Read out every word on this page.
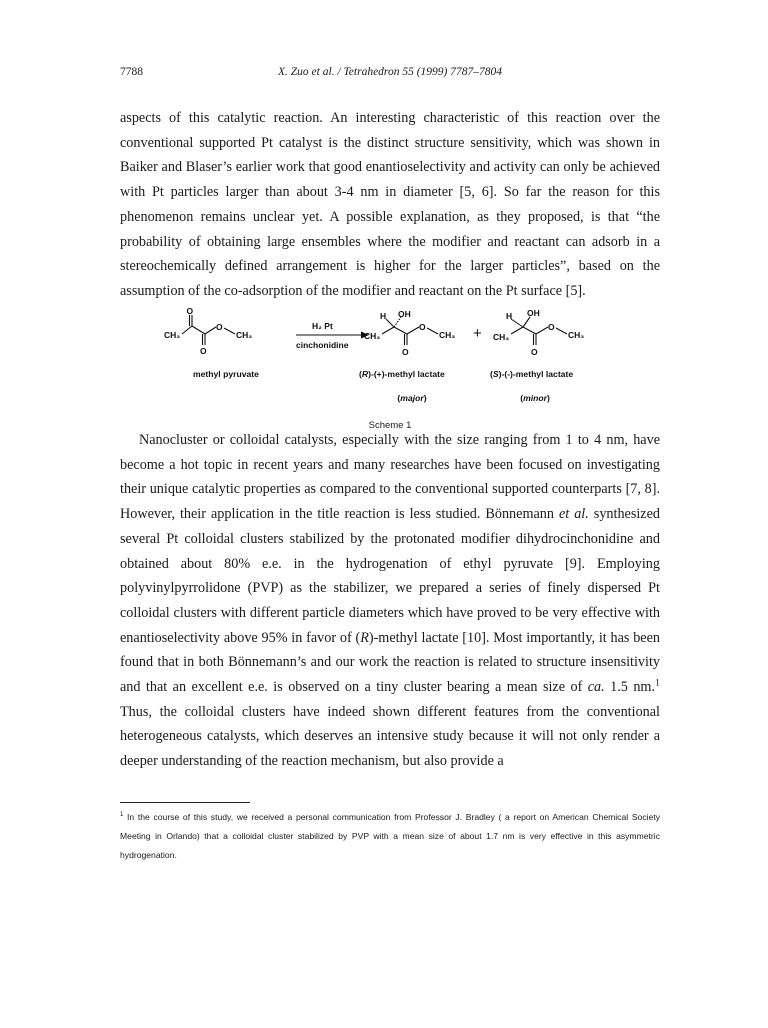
7788	X. Zuo et al. / Tetrahedron 55 (1999) 7787–7804

aspects of this catalytic reaction. An interesting characteristic of this reaction over the conventional supported Pt catalyst is the distinct structure sensitivity, which was shown in Baiker and Blaser’s earlier work that good enantioselectivity and activity can only be achieved with Pt particles larger than about 3-4 nm in diameter [5, 6]. So far the reason for this phenomenon remains unclear yet. A possible explanation, as they proposed, is that “the probability of obtaining large ensembles where the modifier and reactant can adsorb in a stereochemically defined arrangement is higher for the larger particles”, based on the assumption of the co-adsorption of the modifier and reactant on the Pt surface [5].

O
CH₃
O
CH₃
O
H₂ Pt
cinchonidine
H OH
CH₃
O
CH₃
O
H OH
CH₃
O
CH₃
O
+
methyl pyruvate	(R)-(+)-methyl lactate	(S)-(-)-methyl lactate
(major)	(minor)
Scheme 1

Nanocluster or colloidal catalysts, especially with the size ranging from 1 to 4 nm, have become a hot topic in recent years and many researches have been focused on investigating their unique catalytic properties as compared to the conventional supported counterparts [7, 8]. However, their application in the title reaction is less studied. Bönnemann et al. synthesized several Pt colloidal clusters stabilized by the protonated modifier dihydrocinchonidine and obtained about 80% e.e. in the hydrogenation of ethyl pyruvate [9]. Employing polyvinylpyrrolidone (PVP) as the stabilizer, we prepared a series of finely dispersed Pt colloidal clusters with different particle diameters which have proved to be very effective with enantioselectivity above 95% in favor of (R)-methyl lactate [10]. Most importantly, it has been found that in both Bönnemann’s and our work the reaction is related to structure insensitivity and that an excellent e.e. is observed on a tiny cluster bearing a mean size of ca. 1.5 nm.$^1$ Thus, the colloidal clusters have indeed shown different features from the conventional heterogeneous catalysts, which deserves an intensive study because it will not only render a deeper understanding of the reaction mechanism, but also provide a

$^1$ In the course of this study, we received a personal communication from Professor J. Bradley ( a report on American Chemical Society Meeting in Orlando) that a colloidal cluster stabilized by PVP with a mean size of about 1.7 nm is very effective in this asymmetric hydrogenation.
